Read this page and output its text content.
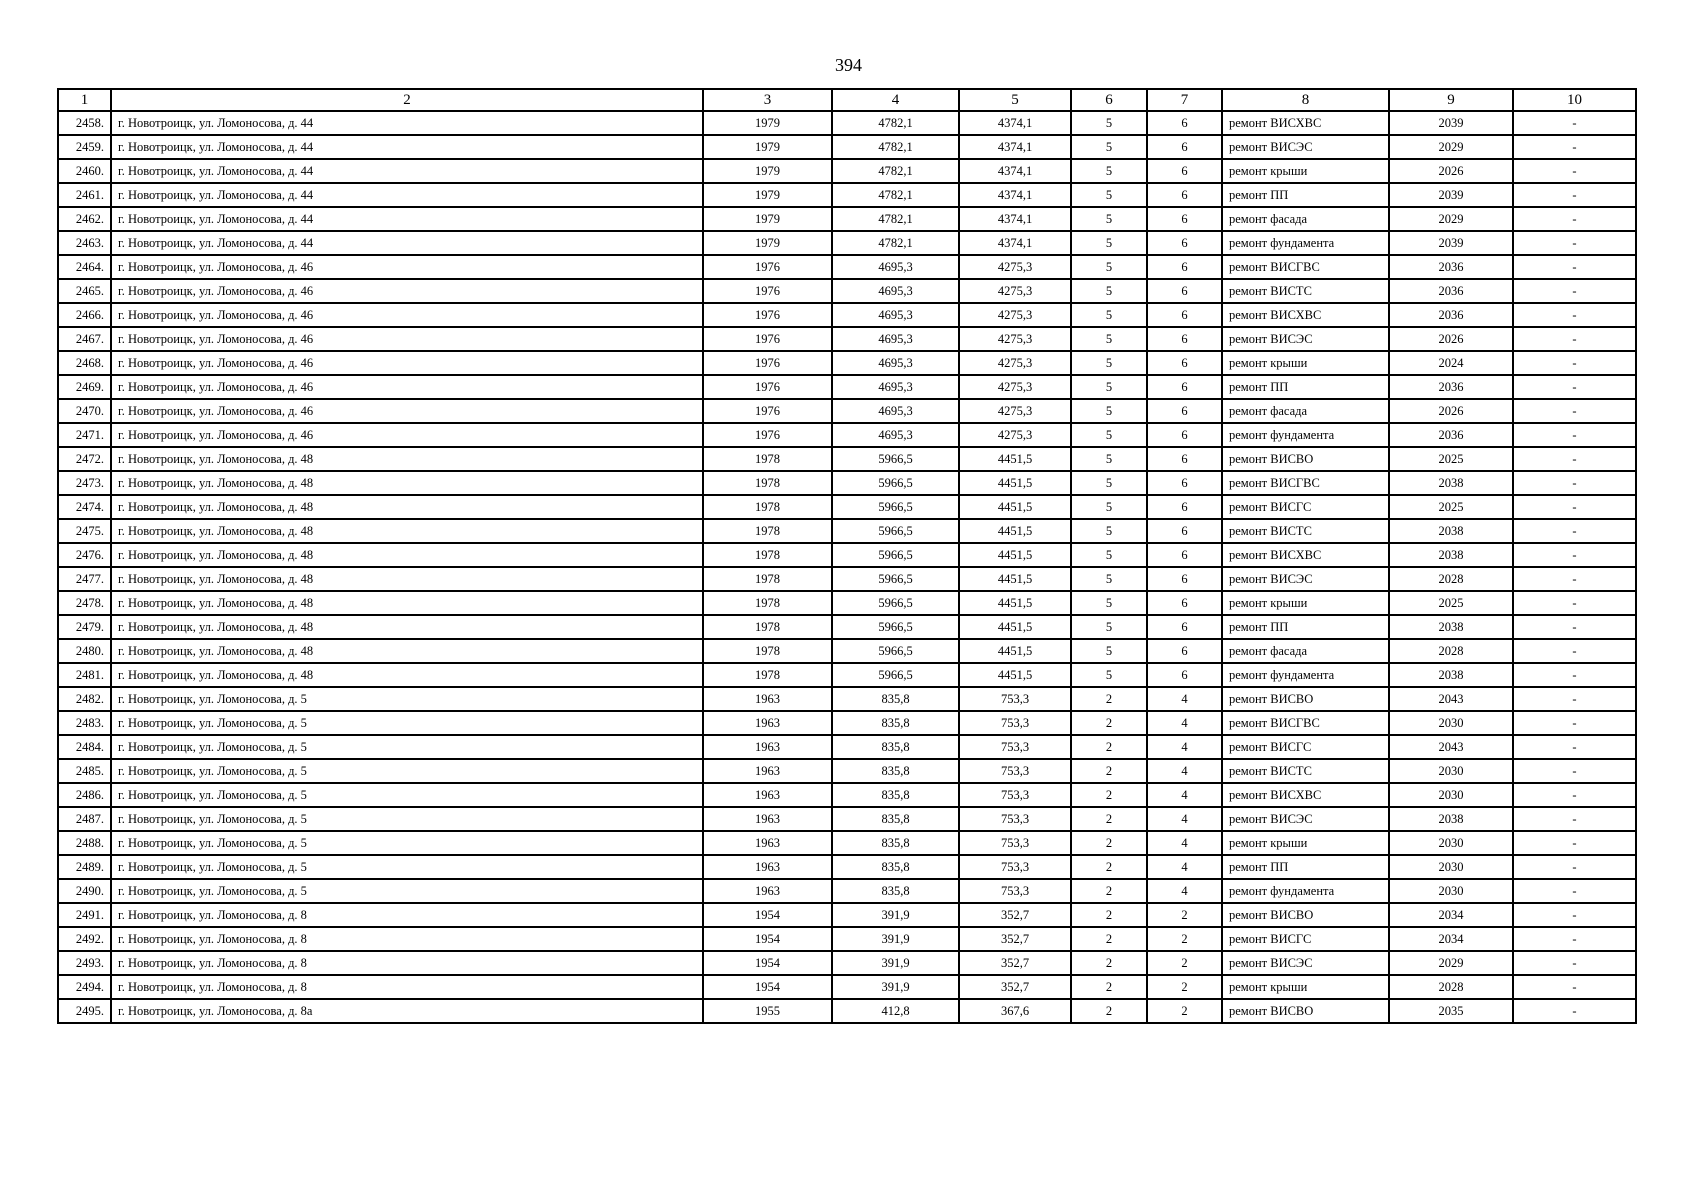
394
1	2	3	4	5	6	7	8	9	10
2458.	г. Новотроицк, ул. Ломоносова, д. 44	1979	4782,1	4374,1	5	6	ремонт ВИСХВС	2039	-
2459.	г. Новотроицк, ул. Ломоносова, д. 44	1979	4782,1	4374,1	5	6	ремонт ВИСЭС	2029	-
2460.	г. Новотроицк, ул. Ломоносова, д. 44	1979	4782,1	4374,1	5	6	ремонт крыши	2026	-
2461.	г. Новотроицк, ул. Ломоносова, д. 44	1979	4782,1	4374,1	5	6	ремонт ПП	2039	-
2462.	г. Новотроицк, ул. Ломоносова, д. 44	1979	4782,1	4374,1	5	6	ремонт фасада	2029	-
2463.	г. Новотроицк, ул. Ломоносова, д. 44	1979	4782,1	4374,1	5	6	ремонт фундамента	2039	-
2464.	г. Новотроицк, ул. Ломоносова, д. 46	1976	4695,3	4275,3	5	6	ремонт ВИСГВС	2036	-
2465.	г. Новотроицк, ул. Ломоносова, д. 46	1976	4695,3	4275,3	5	6	ремонт ВИСТС	2036	-
2466.	г. Новотроицк, ул. Ломоносова, д. 46	1976	4695,3	4275,3	5	6	ремонт ВИСХВС	2036	-
2467.	г. Новотроицк, ул. Ломоносова, д. 46	1976	4695,3	4275,3	5	6	ремонт ВИСЭС	2026	-
2468.	г. Новотроицк, ул. Ломоносова, д. 46	1976	4695,3	4275,3	5	6	ремонт крыши	2024	-
2469.	г. Новотроицк, ул. Ломоносова, д. 46	1976	4695,3	4275,3	5	6	ремонт ПП	2036	-
2470.	г. Новотроицк, ул. Ломоносова, д. 46	1976	4695,3	4275,3	5	6	ремонт фасада	2026	-
2471.	г. Новотроицк, ул. Ломоносова, д. 46	1976	4695,3	4275,3	5	6	ремонт фундамента	2036	-
2472.	г. Новотроицк, ул. Ломоносова, д. 48	1978	5966,5	4451,5	5	6	ремонт ВИСВО	2025	-
2473.	г. Новотроицк, ул. Ломоносова, д. 48	1978	5966,5	4451,5	5	6	ремонт ВИСГВС	2038	-
2474.	г. Новотроицк, ул. Ломоносова, д. 48	1978	5966,5	4451,5	5	6	ремонт ВИСГС	2025	-
2475.	г. Новотроицк, ул. Ломоносова, д. 48	1978	5966,5	4451,5	5	6	ремонт ВИСТС	2038	-
2476.	г. Новотроицк, ул. Ломоносова, д. 48	1978	5966,5	4451,5	5	6	ремонт ВИСХВС	2038	-
2477.	г. Новотроицк, ул. Ломоносова, д. 48	1978	5966,5	4451,5	5	6	ремонт ВИСЭС	2028	-
2478.	г. Новотроицк, ул. Ломоносова, д. 48	1978	5966,5	4451,5	5	6	ремонт крыши	2025	-
2479.	г. Новотроицк, ул. Ломоносова, д. 48	1978	5966,5	4451,5	5	6	ремонт ПП	2038	-
2480.	г. Новотроицк, ул. Ломоносова, д. 48	1978	5966,5	4451,5	5	6	ремонт фасада	2028	-
2481.	г. Новотроицк, ул. Ломоносова, д. 48	1978	5966,5	4451,5	5	6	ремонт фундамента	2038	-
2482.	г. Новотроицк, ул. Ломоносова, д. 5	1963	835,8	753,3	2	4	ремонт ВИСВО	2043	-
2483.	г. Новотроицк, ул. Ломоносова, д. 5	1963	835,8	753,3	2	4	ремонт ВИСГВС	2030	-
2484.	г. Новотроицк, ул. Ломоносова, д. 5	1963	835,8	753,3	2	4	ремонт ВИСГС	2043	-
2485.	г. Новотроицк, ул. Ломоносова, д. 5	1963	835,8	753,3	2	4	ремонт ВИСТС	2030	-
2486.	г. Новотроицк, ул. Ломоносова, д. 5	1963	835,8	753,3	2	4	ремонт ВИСХВС	2030	-
2487.	г. Новотроицк, ул. Ломоносова, д. 5	1963	835,8	753,3	2	4	ремонт ВИСЭС	2038	-
2488.	г. Новотроицк, ул. Ломоносова, д. 5	1963	835,8	753,3	2	4	ремонт крыши	2030	-
2489.	г. Новотроицк, ул. Ломоносова, д. 5	1963	835,8	753,3	2	4	ремонт ПП	2030	-
2490.	г. Новотроицк, ул. Ломоносова, д. 5	1963	835,8	753,3	2	4	ремонт фундамента	2030	-
2491.	г. Новотроицк, ул. Ломоносова, д. 8	1954	391,9	352,7	2	2	ремонт ВИСВО	2034	-
2492.	г. Новотроицк, ул. Ломоносова, д. 8	1954	391,9	352,7	2	2	ремонт ВИСГС	2034	-
2493.	г. Новотроицк, ул. Ломоносова, д. 8	1954	391,9	352,7	2	2	ремонт ВИСЭС	2029	-
2494.	г. Новотроицк, ул. Ломоносова, д. 8	1954	391,9	352,7	2	2	ремонт крыши	2028	-
2495.	г. Новотроицк, ул. Ломоносова, д. 8а	1955	412,8	367,6	2	2	ремонт ВИСВО	2035	-
